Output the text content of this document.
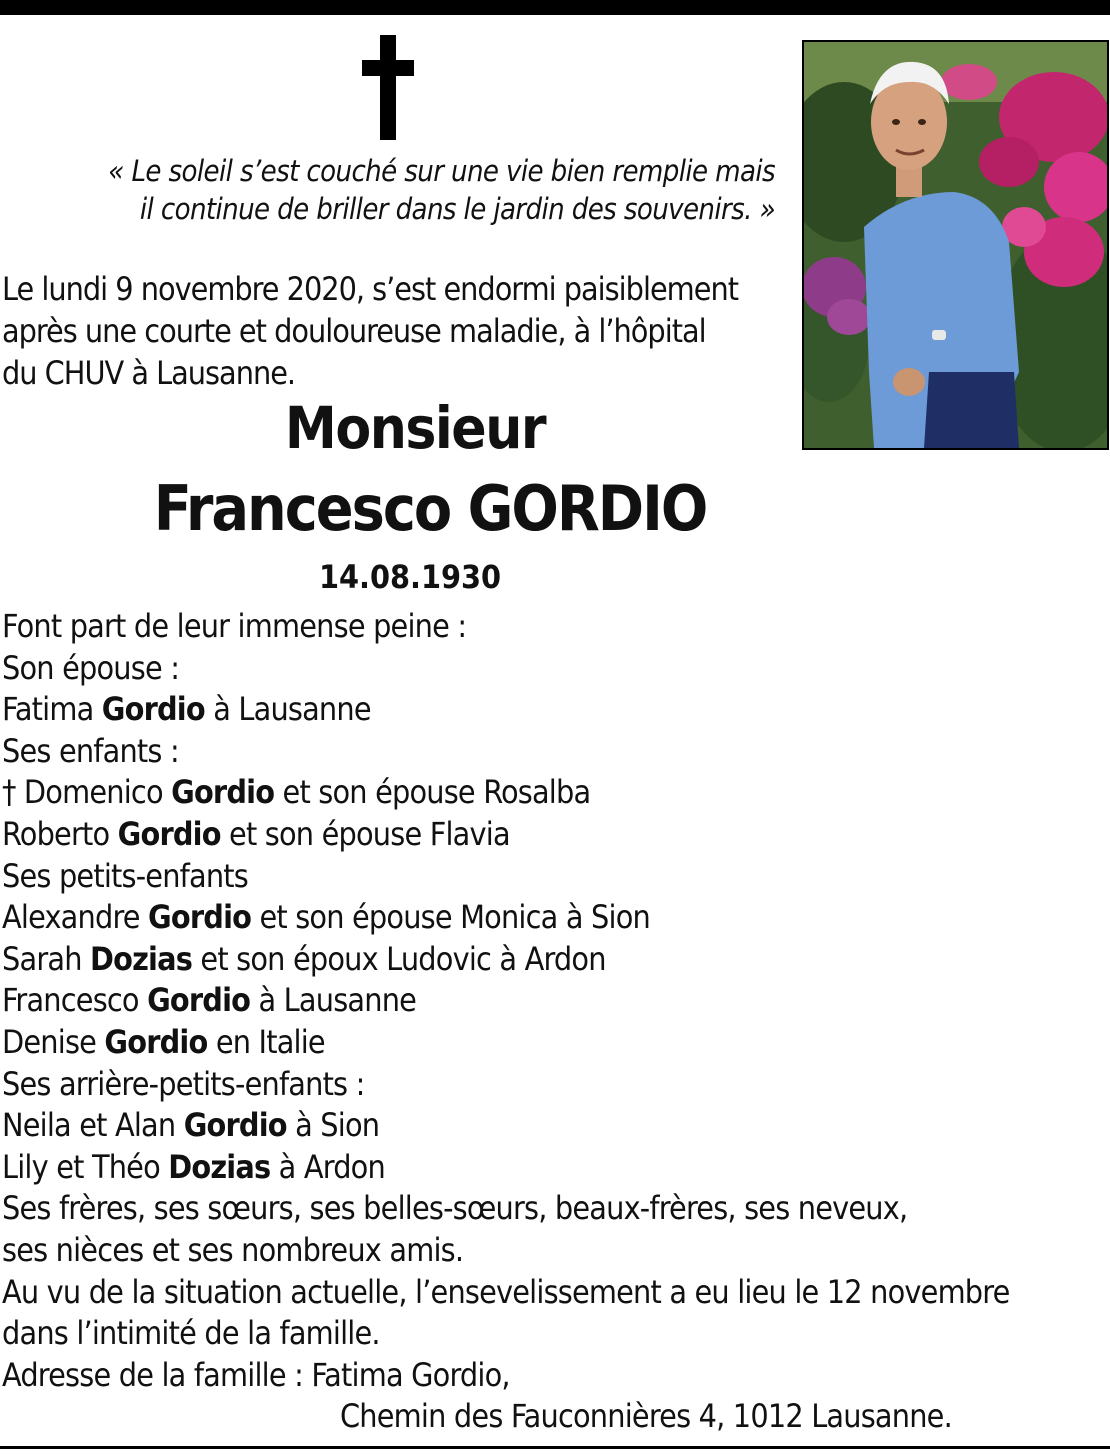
« Le soleil s’est couché sur une vie bien remplie mais
il continue de briller dans le jardin des souvenirs. »
Le lundi 9 novembre 2020, s’est endormi paisiblement
après une courte et douloureuse maladie, à l’hôpital
du CHUV à Lausanne.
Monsieur
Francesco GORDIO
14.08.1930
Font part de leur immense peine :
Son épouse :
Fatima Gordio à Lausanne
Ses enfants :
† Domenico Gordio et son épouse Rosalba
Roberto Gordio et son épouse Flavia
Ses petits-enfants
Alexandre Gordio et son épouse Monica à Sion
Sarah Dozias et son époux Ludovic à Ardon
Francesco Gordio à Lausanne
Denise Gordio en Italie
Ses arrière-petits-enfants :
Neila et Alan Gordio à Sion
Lily et Théo Dozias à Ardon
Ses frères, ses sœurs, ses belles-sœurs, beaux-frères, ses neveux,
ses nièces et ses nombreux amis.
Au vu de la situation actuelle, l’ensevelissement a eu lieu le 12 novembre
dans l’intimité de la famille.
Adresse de la famille : Fatima Gordio,
Chemin des Fauconnières 4, 1012 Lausanne.
